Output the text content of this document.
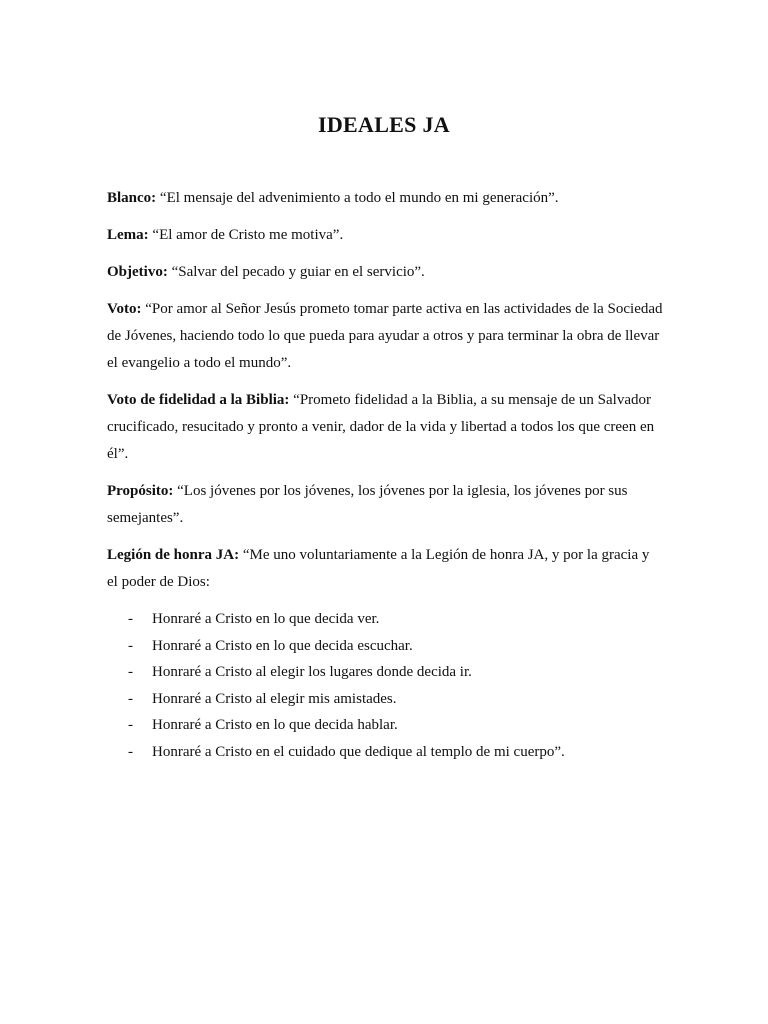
IDEALES JA

Blanco: “El mensaje del advenimiento a todo el mundo en mi generación”.

Lema: “El amor de Cristo me motiva”.

Objetivo: “Salvar del pecado y guiar en el servicio”.

Voto: “Por amor al Señor Jesús prometo tomar parte activa en las actividades de la Sociedad de Jóvenes, haciendo todo lo que pueda para ayudar a otros y para terminar la obra de llevar el evangelio a todo el mundo”.

Voto de fidelidad a la Biblia: “Prometo fidelidad a la Biblia, a su mensaje de un Salvador crucificado, resucitado y pronto a venir, dador de la vida y libertad a todos los que creen en él”.

Propósito: “Los jóvenes por los jóvenes, los jóvenes por la iglesia, los jóvenes por sus semejantes”.

Legión de honra JA: “Me uno voluntariamente a la Legión de honra JA, y por la gracia y el poder de Dios:

- Honraré a Cristo en lo que decida ver.
- Honraré a Cristo en lo que decida escuchar.
- Honraré a Cristo al elegir los lugares donde decida ir.
- Honraré a Cristo al elegir mis amistades.
- Honraré a Cristo en lo que decida hablar.
- Honraré a Cristo en el cuidado que dedique al templo de mi cuerpo”.
